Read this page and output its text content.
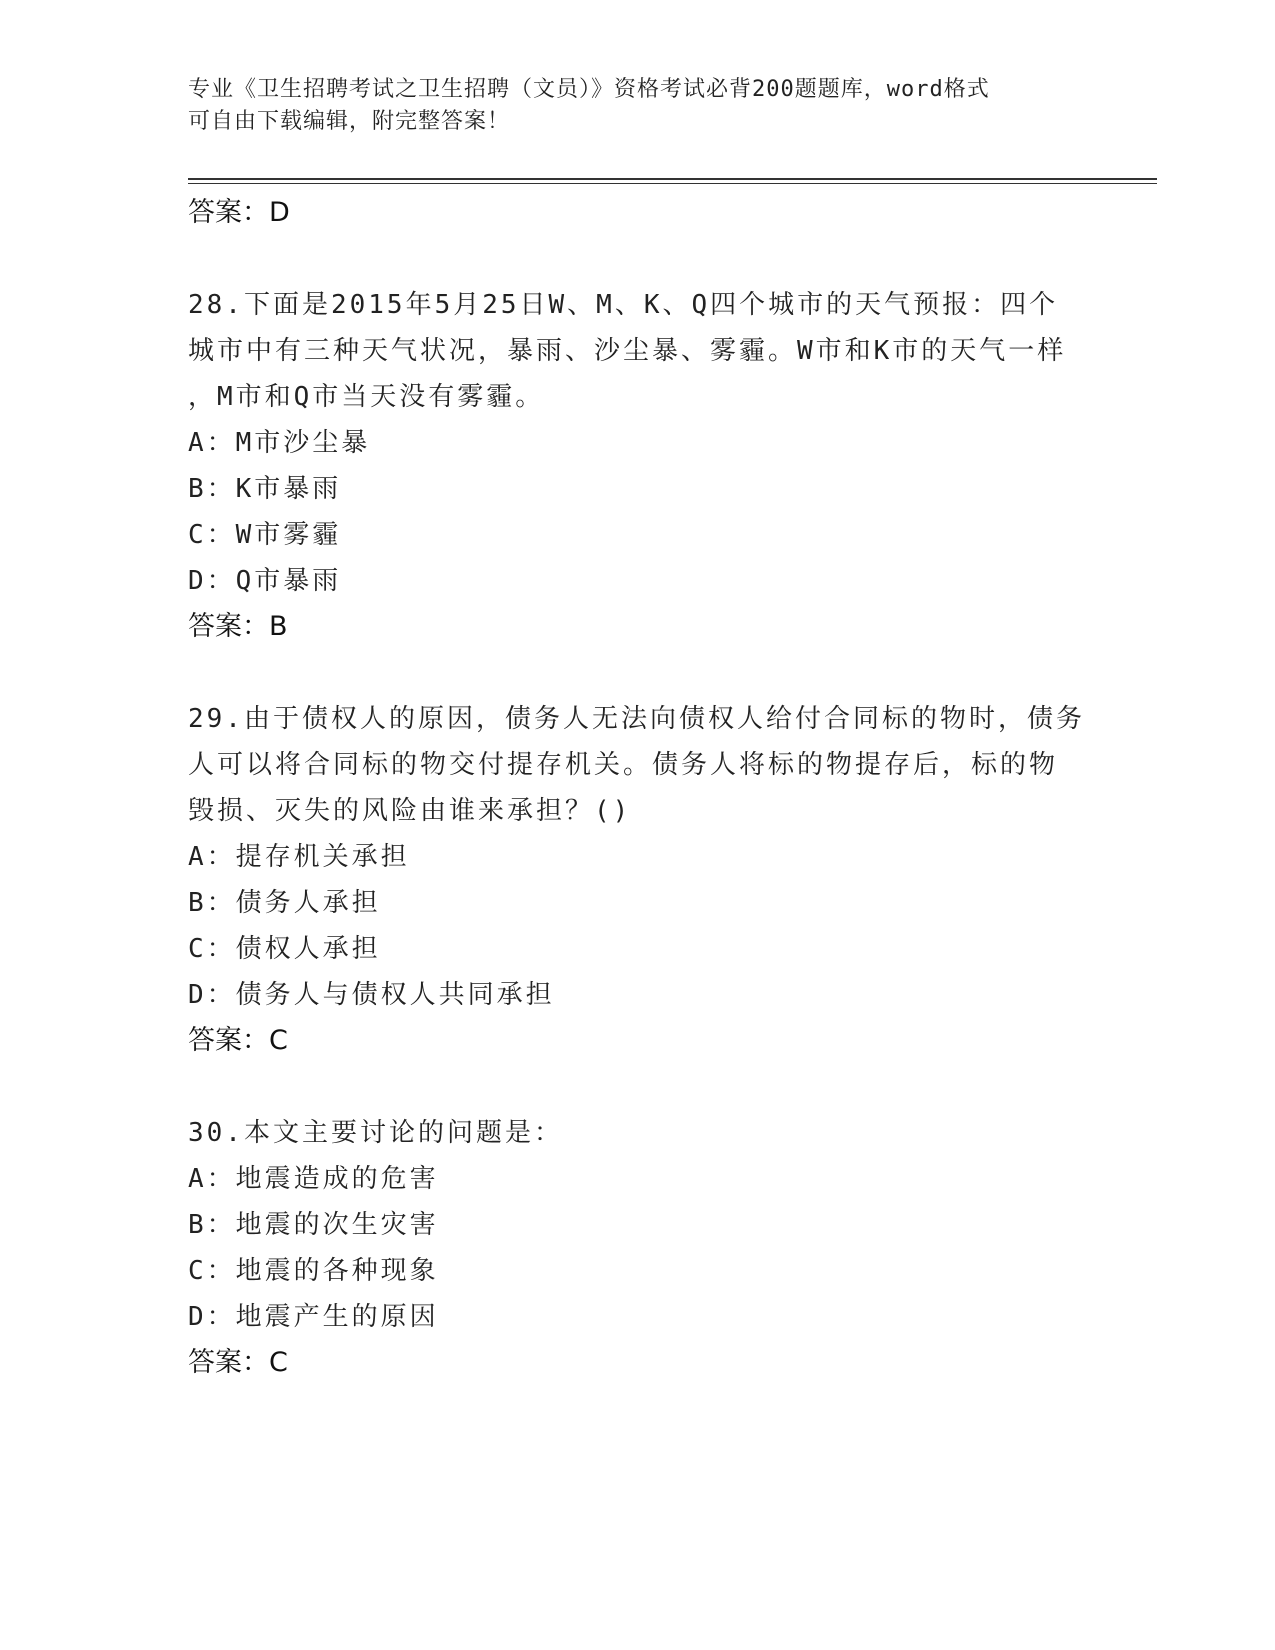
专业《卫生招聘考试之卫生招聘（文员）》资格考试必背200题题库，word格式
可自由下载编辑，附完整答案！
答案：D
28.下面是2015年5月25日W、M、K、Q四个城市的天气预报：四个
城市中有三种天气状况，暴雨、沙尘暴、雾霾。W市和K市的天气一样
，M市和Q市当天没有雾霾。
A：M市沙尘暴
B：K市暴雨
C：W市雾霾
D：Q市暴雨
答案：B
29.由于债权人的原因，债务人无法向债权人给付合同标的物时，债务
人可以将合同标的物交付提存机关。债务人将标的物提存后，标的物
毁损、灭失的风险由谁来承担？()
A：提存机关承担
B：债务人承担
C：债权人承担
D：债务人与债权人共同承担
答案：C
30.本文主要讨论的问题是：
A：地震造成的危害
B：地震的次生灾害
C：地震的各种现象
D：地震产生的原因
答案：C
